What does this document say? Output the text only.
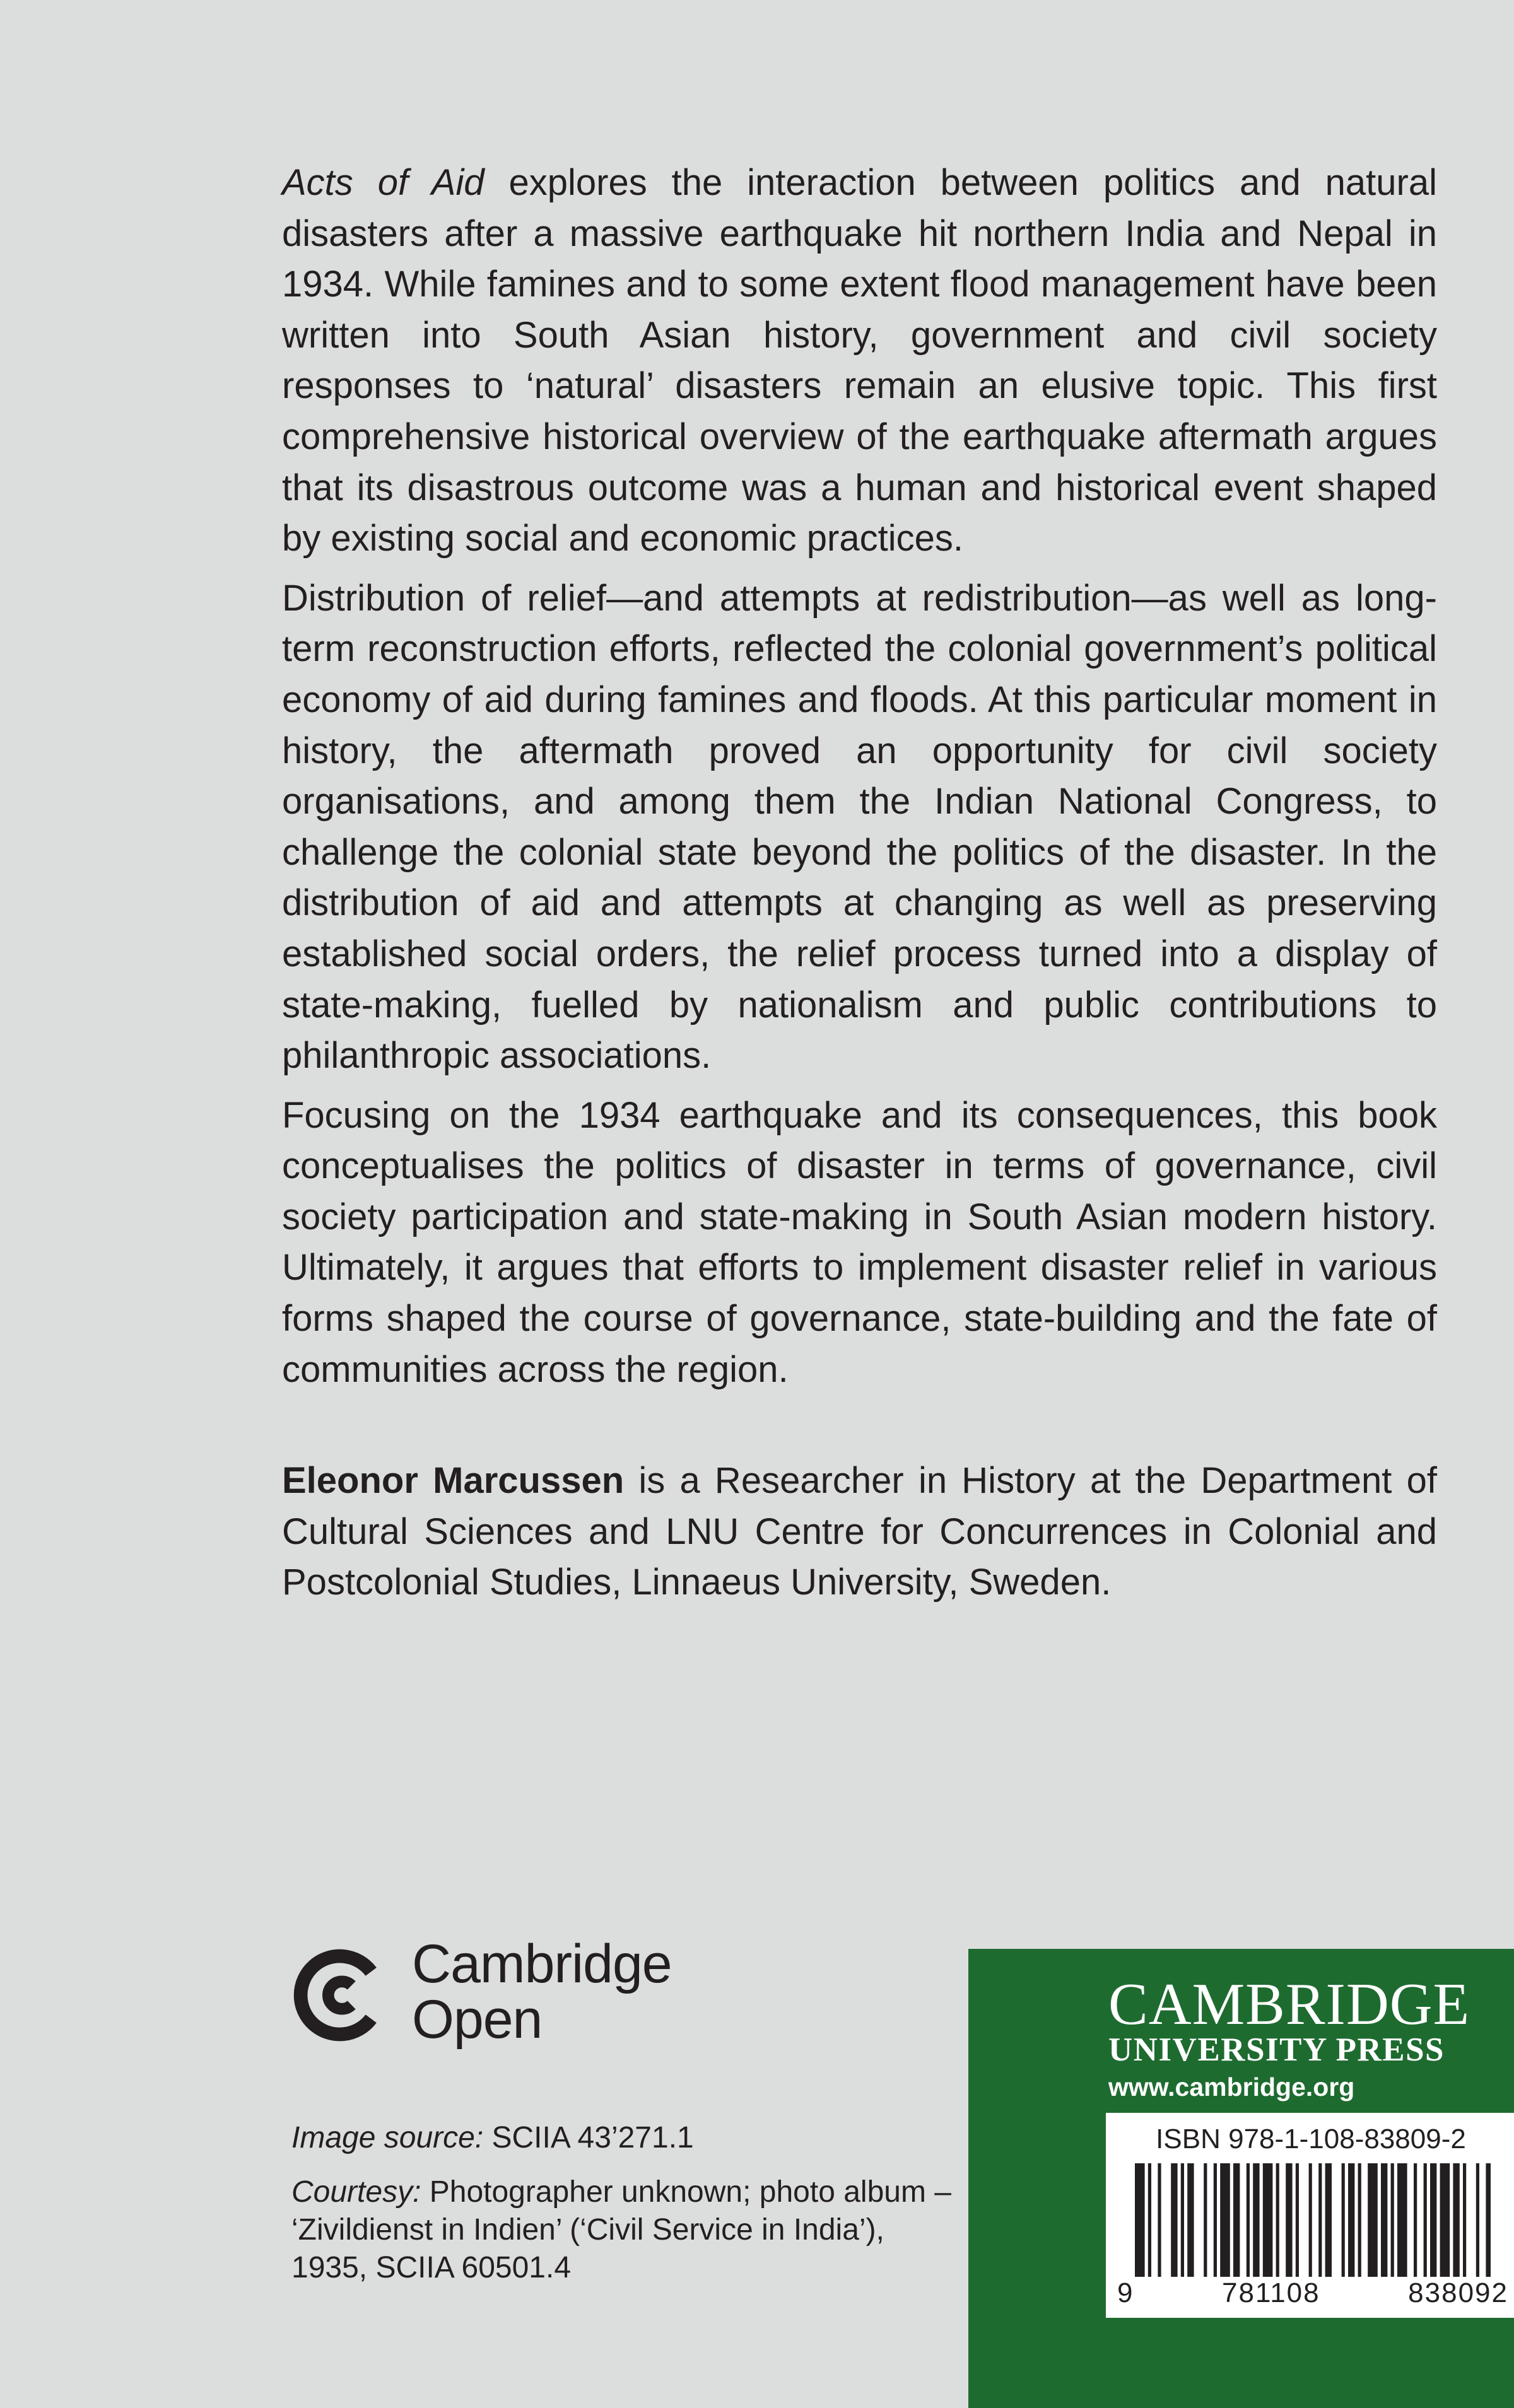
Acts of Aid explores the interaction between politics and natural disasters after a massive earthquake hit northern India and Nepal in 1934. While famines and to some extent flood management have been written into South Asian history, government and civil society responses to ‘natural’ disasters remain an elusive topic. This first comprehensive historical overview of the earthquake aftermath argues that its disastrous outcome was a human and historical event shaped by existing social and economic practices.

Distribution of relief—and attempts at redistribution—as well as long-term reconstruction efforts, reflected the colonial government’s political economy of aid during famines and floods. At this particular moment in history, the aftermath proved an opportunity for civil society organisations, and among them the Indian National Congress, to challenge the colonial state beyond the politics of the disaster. In the distribution of aid and attempts at changing as well as preserving established social orders, the relief process turned into a display of state-making, fuelled by nationalism and public contributions to philanthropic associations.

Focusing on the 1934 earthquake and its consequences, this book conceptualises the politics of disaster in terms of governance, civil society participation and state-making in South Asian modern history. Ultimately, it argues that efforts to implement disaster relief in various forms shaped the course of governance, state-building and the fate of communities across the region.

Eleonor Marcussen is a Researcher in History at the Department of Cultural Sciences and LNU Centre for Concurrences in Colonial and Postcolonial Studies, Linnaeus University, Sweden.

Cambridge
Open

Image source: SCIIA 43’271.1

Courtesy: Photographer unknown; photo album – ‘Zivildienst in Indien’ (‘Civil Service in India’), 1935, SCIIA 60501.4

CAMBRIDGE
UNIVERSITY PRESS
www.cambridge.org
ISBN 978-1-108-83809-2
9	781108	838092
